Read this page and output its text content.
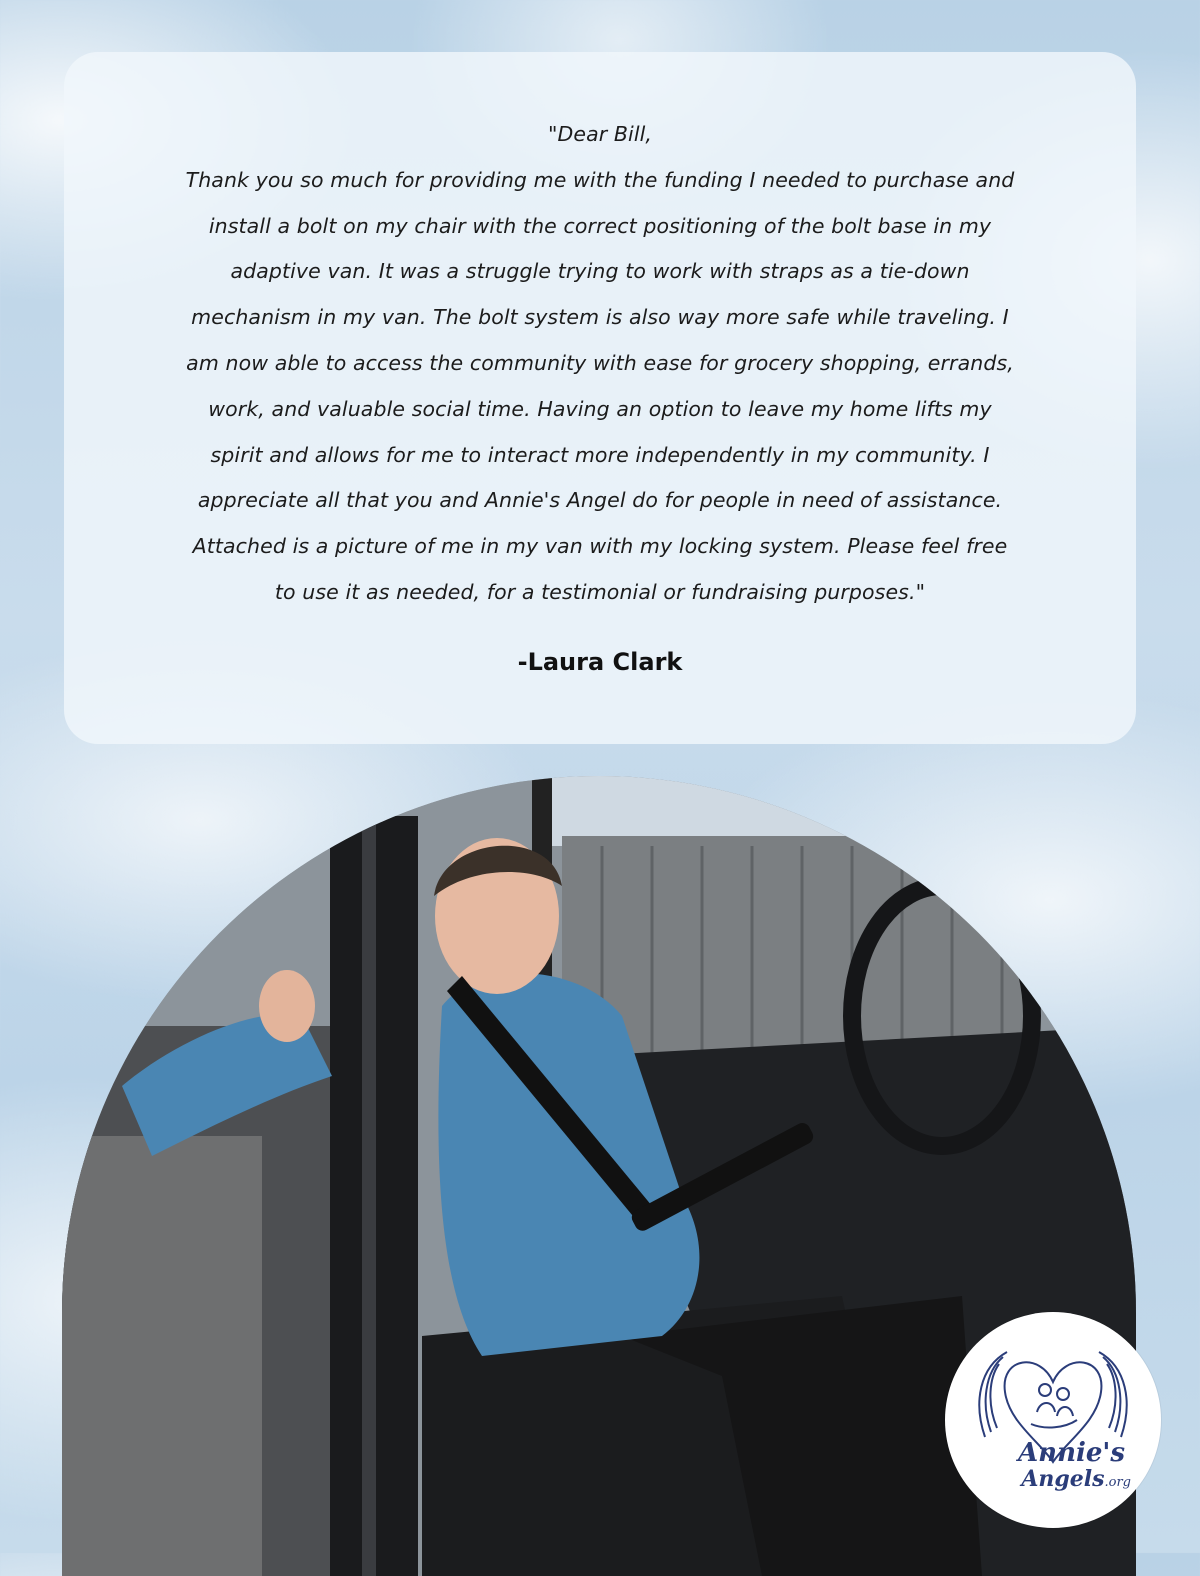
"Dear Bill,
Thank you so much for providing me with the funding I needed to purchase and
install a bolt on my chair with the correct positioning of the bolt base in my
adaptive van. It was a struggle trying to work with straps as a tie-down
mechanism in my van. The bolt system is also way more safe while traveling. I
am now able to access the community with ease for grocery shopping, errands,
work, and valuable social time. Having an option to leave my home lifts my
spirit and allows for me to interact more independently in my community. I
appreciate all that you and Annie's Angel do for people in need of assistance.
Attached is a picture of me in my van with my locking system. Please feel free
to use it as needed, for a testimonial or fundraising purposes."

-Laura Clark
Annie's
Angels.org
